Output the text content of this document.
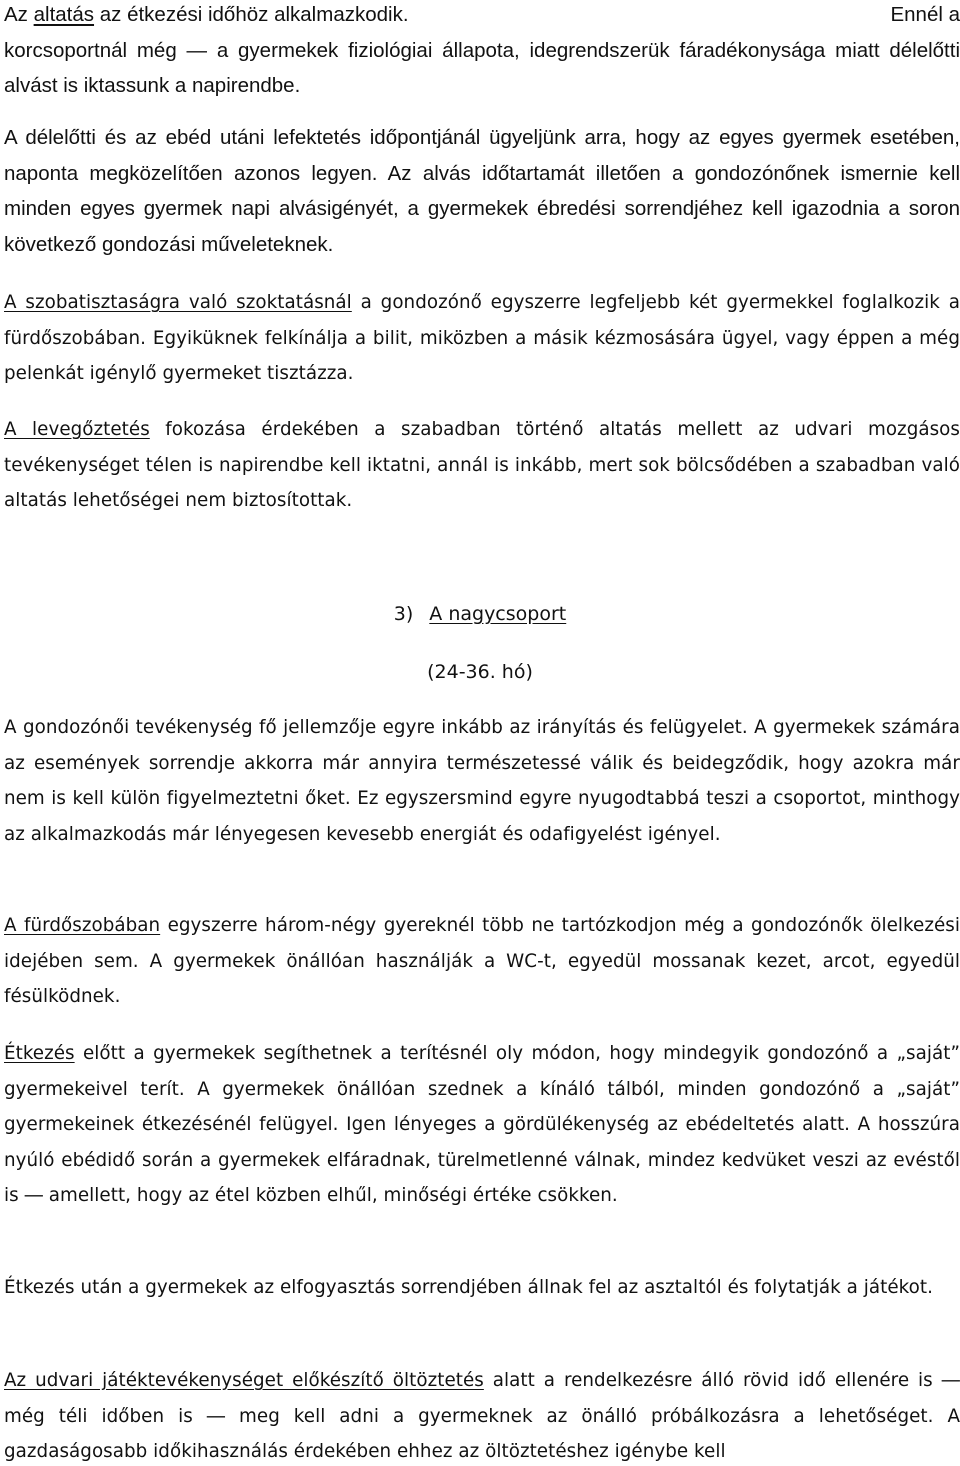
Az altatás az étkezési időhöz alkalmazkodik.	Ennél a

korcsoportnál még ― a gyermekek fiziológiai állapota, idegrendszerük fáradékonysága miatt délelőtti alvást is iktassunk a napirendbe.

A délelőtti és az ebéd utáni lefektetés időpontjánál ügyeljünk arra, hogy az egyes gyermek esetében, naponta megközelítően azonos legyen. Az alvás időtartamát illetően a gondozónőnek ismernie kell minden egyes gyermek napi alvásigényét, a gyermekek ébredési sorrendjéhez kell igazodnia a soron következő gondozási műveleteknek.

A szobatisztaságra való szoktatásnál a gondozónő egyszerre legfeljebb két gyermekkel foglalkozik a fürdőszobában. Egyiküknek felkínálja a bilit, miközben a másik kézmosására ügyel, vagy éppen a még pelenkát igénylő gyermeket tisztázza.

A levegőztetés fokozása érdekében a szabadban történő altatás mellett az udvari mozgásos tevékenységet télen is napirendbe kell iktatni, annál is inkább, mert sok bölcsődében a szabadban való altatás lehetőségei nem biztosítottak.

3) A nagycsoport

(24-36. hó)

A gondozónői tevékenység fő jellemzője egyre inkább az irányítás és felügyelet. A gyermekek számára az események sorrendje akkorra már annyira természetessé válik és beidegződik, hogy azokra már nem is kell külön figyelmeztetni őket. Ez egyszersmind egyre nyugodtabbá teszi a csoportot, minthogy az alkalmazkodás már lényegesen kevesebb energiát és odafigyelést igényel.

A fürdőszobában egyszerre három-négy gyereknél több ne tartózkodjon még a gondozónők ölelkezési idejében sem. A gyermekek önállóan használják a WC-t, egyedül mossanak kezet, arcot, egyedül fésülködnek.

Étkezés előtt a gyermekek segíthetnek a terítésnél oly módon, hogy mindegyik gondozónő a „saját” gyermekeivel terít. A gyermekek önállóan szednek a kínáló tálból, minden gondozónő a „saját” gyermekeinek étkezésénél felügyel. Igen lényeges a gördülékenység az ebédeltetés alatt. A hosszúra nyúló ebédidő során a gyermekek elfáradnak, türelmetlenné válnak, mindez kedvüket veszi az evéstől is ― amellett, hogy az étel közben elhűl, minőségi értéke csökken.

Étkezés után a gyermekek az elfogyasztás sorrendjében állnak fel az asztaltól és folytatják a játékot.

Az udvari játéktevékenységet előkészítő öltöztetés alatt a rendelkezésre álló rövid idő ellenére is ― még téli időben is ― meg kell adni a gyermeknek az önálló próbálkozásra a lehetőséget. A gazdaságosabb időkihasználás érdekében ehhez az öltöztetéshez igénybe kell
